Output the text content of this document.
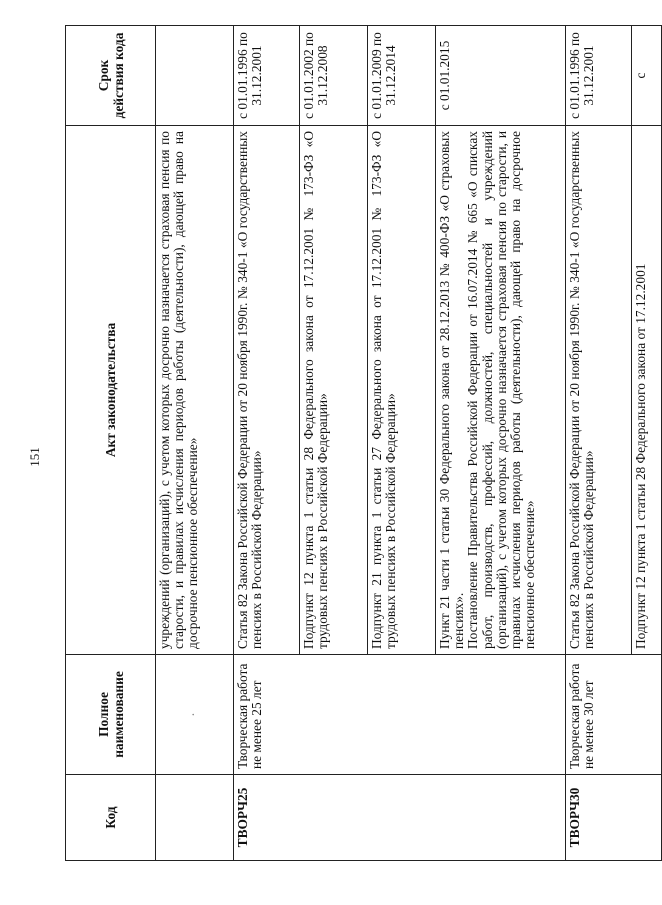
151
Код	Полное наименование	Акт законодательства	Срок действия кода
	·	учреждений (организаций), с учетом которых досрочно назначается страховая пенсия по старости, и правилах исчисления периодов работы (деятельности), дающей право на досрочное пенсионное обеспечение»	
ТВОРЧ25	Творческая работа не менее 25 лет	Статья 82 Закона Российской Федерации от 20 ноября 1990г. № 340-1 «О государственных пенсиях в Российской Федерации»	с 01.01.1996 по 31.12.2001
		Подпункт 12 пункта 1 статьи 28 Федерального закона от 17.12.2001 № 173-ФЗ «О трудовых пенсиях в Российской Федерации»	с 01.01.2002 по 31.12.2008
		Подпункт 21 пункта 1 статьи 27 Федерального закона от 17.12.2001 № 173-ФЗ «О трудовых пенсиях в Российской Федерации»	с 01.01.2009 по 31.12.2014

		Пункт 21 части 1 статьи 30 Федерального закона от 28.12.2013 № 400-ФЗ «О страховых пенсиях». Постановление Правительства Российской Федерации от 16.07.2014 № 665 «О списках работ, производств, профессий, должностей, специальностей и учреждений (организаций), с учетом которых досрочно назначается страховая пенсия по старости, и правилах исчисления периодов работы (деятельности), дающей право на досрочное пенсионное обеспечение»	с 01.01.2015
ТВОРЧ30	Творческая работа не менее 30 лет	Статья 82 Закона Российской Федерации от 20 ноября 1990г. № 340-1 «О государственных пенсиях в Российской Федерации»	с 01.01.1996 по 31.12.2001
		Подпункт 12 пункта 1 статьи 28 Федерального закона от 17.12.2001	с
